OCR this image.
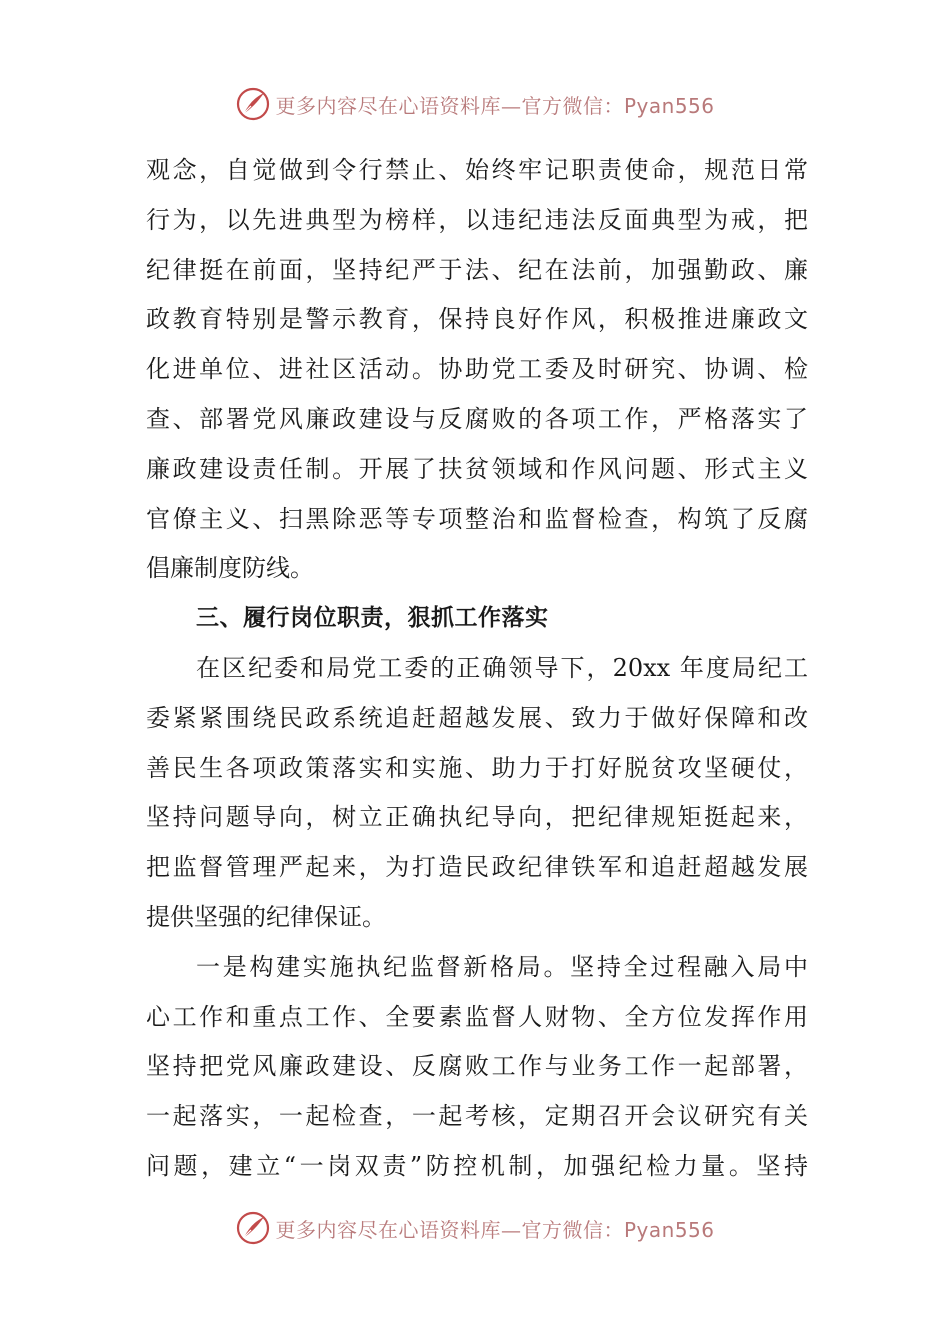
更多内容尽在心语资料库—官方微信：Pyan556
观念，自觉做到令行禁止、始终牢记职责使命，规范日常
行为，以先进典型为榜样，以违纪违法反面典型为戒，把
纪律挺在前面，坚持纪严于法、纪在法前，加强勤政、廉
政教育特别是警示教育，保持良好作风，积极推进廉政文
化进单位、进社区活动。协助党工委及时研究、协调、检
查、部署党风廉政建设与反腐败的各项工作，严格落实了
廉政建设责任制。开展了扶贫领域和作风问题、形式主义
官僚主义、扫黑除恶等专项整治和监督检查，构筑了反腐
倡廉制度防线。
三、履行岗位职责，狠抓工作落实
在区纪委和局党工委的正确领导下，20xx 年度局纪工
委紧紧围绕民政系统追赶超越发展、致力于做好保障和改
善民生各项政策落实和实施、助力于打好脱贫攻坚硬仗，
坚持问题导向，树立正确执纪导向，把纪律规矩挺起来，
把监督管理严起来，为打造民政纪律铁军和追赶超越发展
提供坚强的纪律保证。
一是构建实施执纪监督新格局。坚持全过程融入局中
心工作和重点工作、全要素监督人财物、全方位发挥作用
坚持把党风廉政建设、反腐败工作与业务工作一起部署，
一起落实，一起检查，一起考核，定期召开会议研究有关
问题，建立“一岗双责”防控机制，加强纪检力量。坚持
更多内容尽在心语资料库—官方微信：Pyan556
